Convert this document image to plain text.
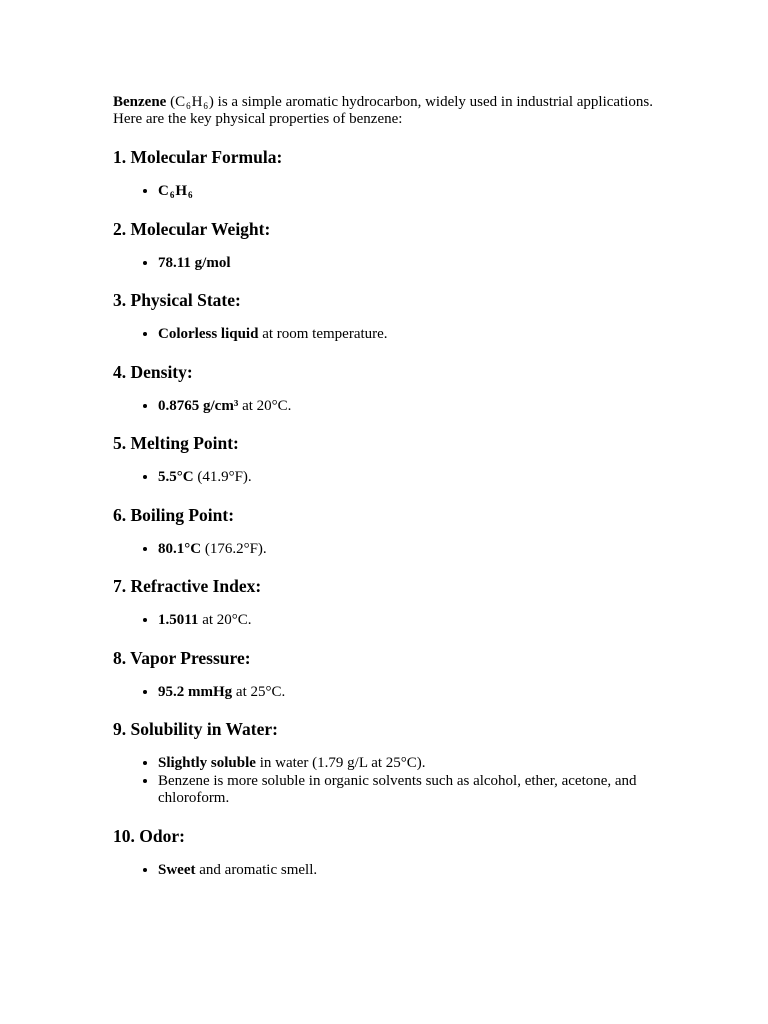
Benzene $(C_6H_6)$ is a simple aromatic hydrocarbon, widely used in industrial applications. Here are the key physical properties of benzene:

1. Molecular Formula:
• $C_6H_6$
2. Molecular Weight:
• 78.11 g/mol
3. Physical State:
• Colorless liquid at room temperature.
4. Density:
• 0.8765 g/cm³ at 20°C.
5. Melting Point:
• 5.5°C (41.9°F).
6. Boiling Point:
• 80.1°C (176.2°F).
7. Refractive Index:
• 1.5011 at 20°C.
8. Vapor Pressure:
• 95.2 mmHg at 25°C.
9. Solubility in Water:
• Slightly soluble in water (1.79 g/L at 25°C).
• Benzene is more soluble in organic solvents such as alcohol, ether, acetone, and chloroform.
10. Odor:
• Sweet and aromatic smell.
